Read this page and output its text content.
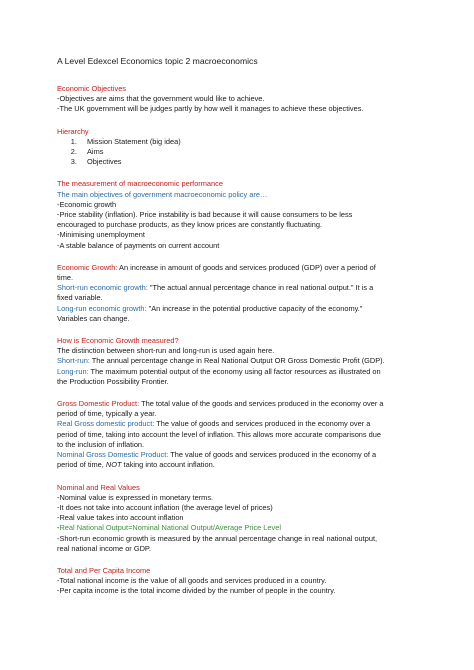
A Level Edexcel Economics topic 2 macroeconomics
Economic Objectives
-Objectives are aims that the government would like to achieve.
-The UK government will be judges partly by how well it manages to achieve these objectives.
Hierarchy
1. Mission Statement (big idea)
2. Aims
3. Objectives
The measurement of macroeconomic performance
The main objectives of government macroeconomic policy are…
-Economic growth
-Price stability (inflation). Price instability is bad because it will cause consumers to be less
encouraged to purchase products, as they know prices are constantly fluctuating.
-Minimising unemployment
-A stable balance of payments on current account
Economic Growth: An increase in amount of goods and services produced (GDP) over a period of
time.
Short-run economic growth: "The actual annual percentage chance in real national output." It is a
fixed variable.
Long-run economic growth: "An increase in the potential productive capacity of the economy."
Variables can change.
How is Economic Growth measured?
The distinction between short-run and long-run is used again here.
Short-run: The annual percentage change in Real National Output OR Gross Domestic Profit (GDP).
Long-run: The maximum potential output of the economy using all factor resources as illustrated on
the Production Possibility Frontier.
Gross Domestic Product: The total value of the goods and services produced in the economy over a
period of time, typically a year.
Real Gross domestic product: The value of goods and services produced in the economy over a
period of time, taking into account the level of inflation. This allows more accurate comparisons due
to the inclusion of inflation.
Nominal Gross Domestic Product: The value of goods and services produced in the economy of a
period of time, NOT taking into account inflation.
Nominal and Real Values
-Nominal value is expressed in monetary terms.
-It does not take into account inflation (the average level of prices)
-Real value takes into account inflation
-Real National Output=Nominal National Output/Average Price Level
-Short-run economic growth is measured by the annual percentage change in real national output,
real national income or GDP.
Total and Per Capita Income
-Total national income is the value of all goods and services produced in a country.
-Per capita income is the total income divided by the number of people in the country.
